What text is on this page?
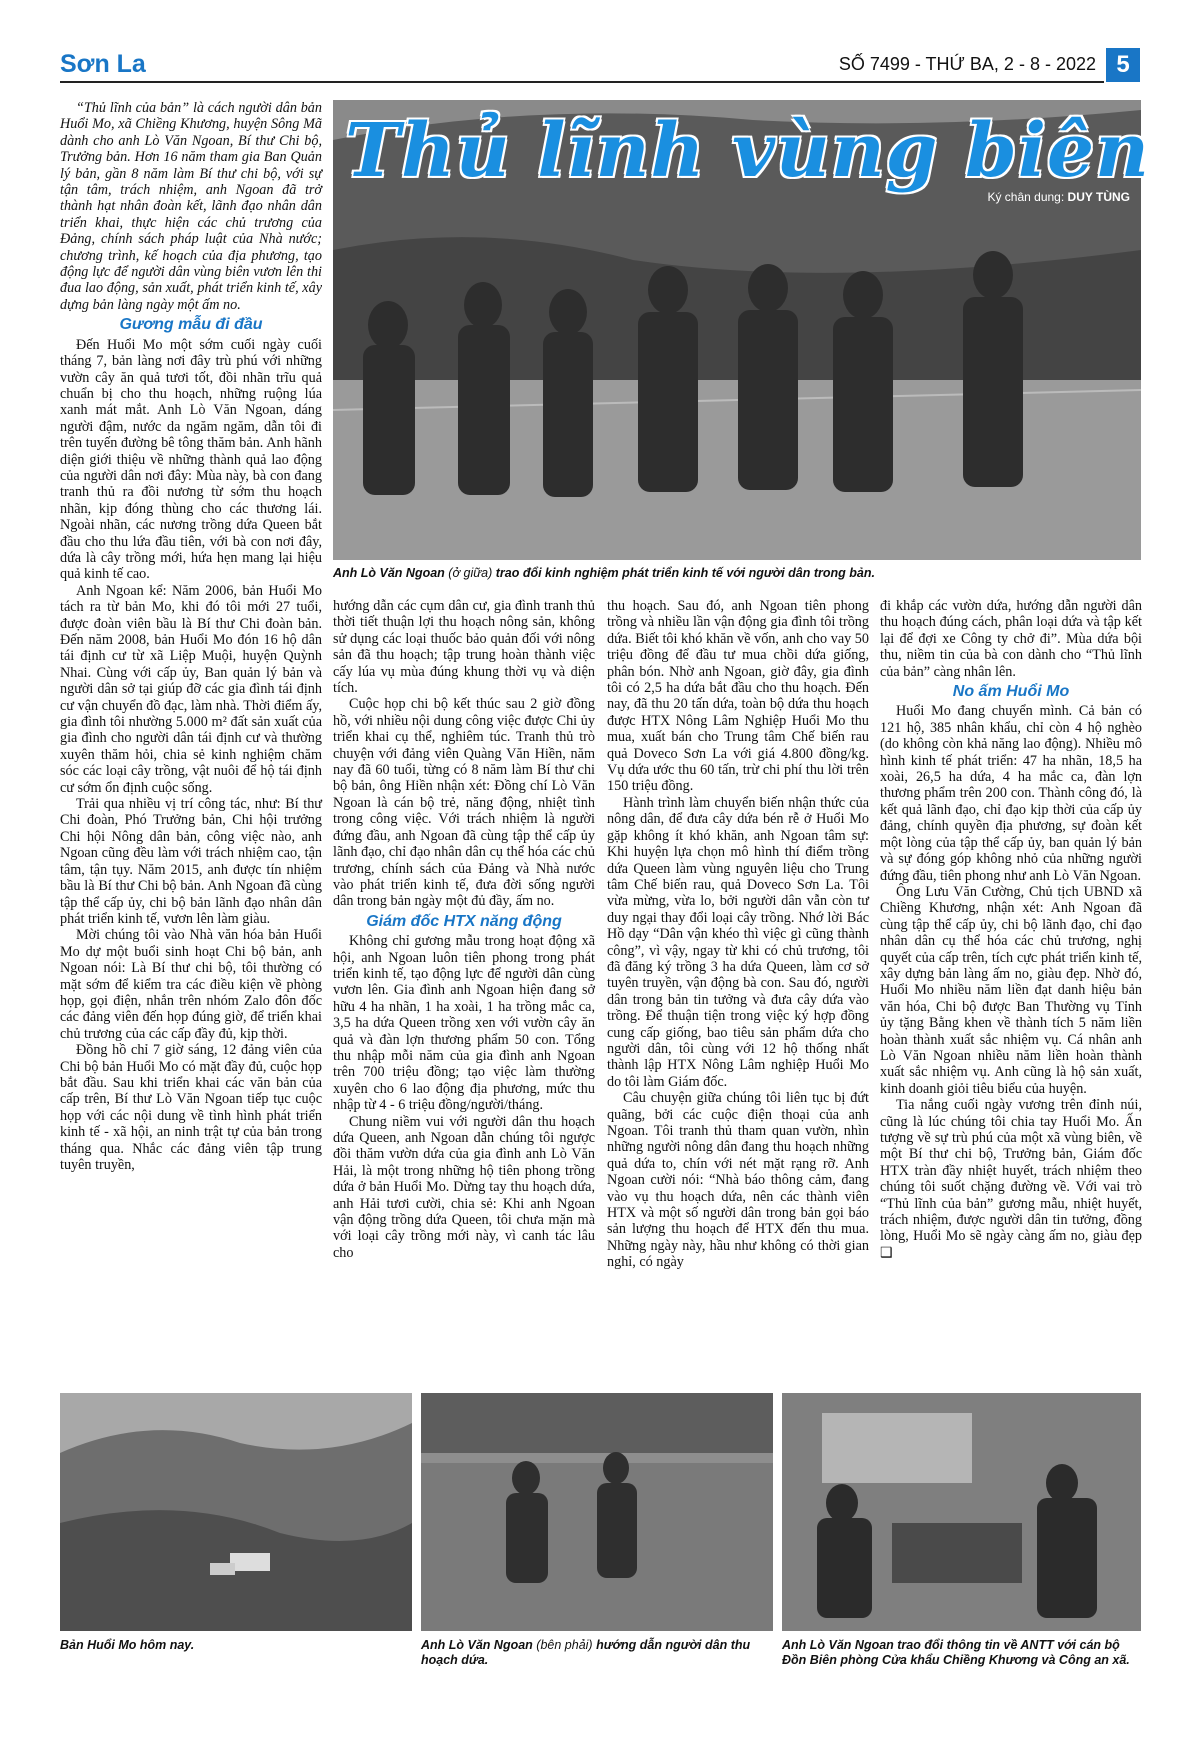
Sơn La	SỐ 7499 - THỨ BA, 2 - 8 - 2022 5

“Thủ lĩnh của bản” là cách người dân bản Huổi Mo, xã Chiềng Khương, huyện Sông Mã dành cho anh Lò Văn Ngoan, Bí thư Chi bộ, Trưởng bản. Hơn 16 năm tham gia Ban Quản lý bản, gần 8 năm làm Bí thư chi bộ, với sự tận tâm, trách nhiệm, anh Ngoan đã trở thành hạt nhân đoàn kết, lãnh đạo nhân dân triển khai, thực hiện các chủ trương của Đảng, chính sách pháp luật của Nhà nước; chương trình, kế hoạch của địa phương, tạo động lực để người dân vùng biên vươn lên thi đua lao động, sản xuất, phát triển kinh tế, xây dựng bản làng ngày một ấm no.

Gương mẫu đi đầu

Đến Huổi Mo một sớm cuối ngày cuối tháng 7, bản làng nơi đây trù phú với những vườn cây ăn quả tươi tốt, đồi nhãn trĩu quả chuẩn bị cho thu hoạch, những ruộng lúa xanh mát mắt. Anh Lò Văn Ngoan, dáng người đậm, nước da ngăm ngăm, dẫn tôi đi trên tuyến đường bê tông thăm bản. Anh hãnh diện giới thiệu về những thành quả lao động của người dân nơi đây: Mùa này, bà con đang tranh thủ ra đồi nương từ sớm thu hoạch nhãn, kịp đóng thùng cho các thương lái. Ngoài nhãn, các nương trồng dứa Queen bắt đầu cho thu lứa đầu tiên, với bà con nơi đây, dứa là cây trồng mới, hứa hẹn mang lại hiệu quả kinh tế cao.

Anh Ngoan kể: Năm 2006, bản Huổi Mo tách ra từ bản Mo, khi đó tôi mới 27 tuổi, được đoàn viên bầu là Bí thư Chi đoàn bản. Đến năm 2008, bản Huổi Mo đón 16 hộ dân tái định cư từ xã Liệp Muội, huyện Quỳnh Nhai. Cùng với cấp ủy, Ban quản lý bản và người dân sở tại giúp đỡ các gia đình tái định cư vận chuyển đồ đạc, làm nhà. Thời điểm ấy, gia đình tôi nhường 5.000 m² đất sản xuất của gia đình cho người dân tái định cư và thường xuyên thăm hỏi, chia sẻ kinh nghiệm chăm sóc các loại cây trồng, vật nuôi để hộ tái định cư sớm ổn định cuộc sống.

Trải qua nhiều vị trí công tác, như: Bí thư Chi đoàn, Phó Trưởng bản, Chi hội trưởng Chi hội Nông dân bản, công việc nào, anh Ngoan cũng đều làm với trách nhiệm cao, tận tâm, tận tụy. Năm 2015, anh được tín nhiệm bầu là Bí thư Chi bộ bản. Anh Ngoan đã cùng tập thể cấp ủy, chi bộ bản lãnh đạo nhân dân phát triển kinh tế, vươn lên làm giàu.

Mời chúng tôi vào Nhà văn hóa bản Huổi Mo dự một buổi sinh hoạt Chi bộ bản, anh Ngoan nói: Là Bí thư chi bộ, tôi thường có mặt sớm để kiểm tra các điều kiện về phòng họp, gọi điện, nhắn trên nhóm Zalo đôn đốc các đảng viên đến họp đúng giờ, để triển khai chủ trương của các cấp đầy đủ, kịp thời.

Đồng hồ chỉ 7 giờ sáng, 12 đảng viên của Chi bộ bản Huổi Mo có mặt đầy đủ, cuộc họp bắt đầu. Sau khi triển khai các văn bản của cấp trên, Bí thư Lò Văn Ngoan tiếp tục cuộc họp với các nội dung về tình hình phát triển kinh tế - xã hội, an ninh trật tự của bản trong tháng qua. Nhắc các đảng viên tập trung tuyên truyền,

Thủ lĩnh vùng biên
Ký chân dung: DUY TÙNG
Anh Lò Văn Ngoan (ở giữa) trao đổi kinh nghiệm phát triển kinh tế với người dân trong bản.

hướng dẫn các cụm dân cư, gia đình tranh thủ thời tiết thuận lợi thu hoạch nông sản, không sử dụng các loại thuốc bảo quản đối với nông sản đã thu hoạch; tập trung hoàn thành việc cấy lúa vụ mùa đúng khung thời vụ và diện tích.

Cuộc họp chi bộ kết thúc sau 2 giờ đồng hồ, với nhiều nội dung công việc được Chi ủy triển khai cụ thể, nghiêm túc. Tranh thủ trò chuyện với đảng viên Quàng Văn Hiền, năm nay đã 60 tuổi, từng có 8 năm làm Bí thư chi bộ bản, ông Hiền nhận xét: Đồng chí Lò Văn Ngoan là cán bộ trẻ, năng động, nhiệt tình trong công việc. Với trách nhiệm là người đứng đầu, anh Ngoan đã cùng tập thể cấp ủy lãnh đạo, chỉ đạo nhân dân cụ thể hóa các chủ trương, chính sách của Đảng và Nhà nước vào phát triển kinh tế, đưa đời sống người dân trong bản ngày một đủ đầy, ấm no.

Giám đốc HTX năng động

Không chỉ gương mẫu trong hoạt động xã hội, anh Ngoan luôn tiên phong trong phát triển kinh tế, tạo động lực để người dân cùng vươn lên. Gia đình anh Ngoan hiện đang sở hữu 4 ha nhãn, 1 ha xoài, 1 ha trồng mắc ca, 3,5 ha dứa Queen trồng xen với vườn cây ăn quả và đàn lợn thương phẩm 50 con. Tổng thu nhập mỗi năm của gia đình anh Ngoan trên 700 triệu đồng; tạo việc làm thường xuyên cho 6 lao động địa phương, mức thu nhập từ 4 - 6 triệu đồng/người/tháng.

Chung niềm vui với người dân thu hoạch dứa Queen, anh Ngoan dẫn chúng tôi ngược đồi thăm vườn dứa của gia đình anh Lò Văn Hải, là một trong những hộ tiên phong trồng dứa ở bản Huổi Mo. Dừng tay thu hoạch dứa, anh Hải tươi cười, chia sẻ: Khi anh Ngoan vận động trồng dứa Queen, tôi chưa mặn mà với loại cây trồng mới này, vì canh tác lâu cho

thu hoạch. Sau đó, anh Ngoan tiên phong trồng và nhiều lần vận động gia đình tôi trồng dứa. Biết tôi khó khăn về vốn, anh cho vay 50 triệu đồng để đầu tư mua chồi dứa giống, phân bón. Nhờ anh Ngoan, giờ đây, gia đình tôi có 2,5 ha dứa bắt đầu cho thu hoạch. Đến nay, đã thu 20 tấn dứa, toàn bộ dứa thu hoạch được HTX Nông Lâm Nghiệp Huổi Mo thu mua, xuất bán cho Trung tâm Chế biến rau quả Doveco Sơn La với giá 4.800 đồng/kg. Vụ dứa ước thu 60 tấn, trừ chi phí thu lời trên 150 triệu đồng.

Hành trình làm chuyển biến nhận thức của nông dân, để đưa cây dứa bén rễ ở Huổi Mo gặp không ít khó khăn, anh Ngoan tâm sự: Khi huyện lựa chọn mô hình thí điểm trồng dứa Queen làm vùng nguyên liệu cho Trung tâm Chế biến rau, quả Doveco Sơn La. Tôi vừa mừng, vừa lo, bởi người dân vẫn còn tư duy ngại thay đổi loại cây trồng. Nhớ lời Bác Hồ dạy “Dân vận khéo thì việc gì cũng thành công”, vì vậy, ngay từ khi có chủ trương, tôi đã đăng ký trồng 3 ha dứa Queen, làm cơ sở tuyên truyền, vận động bà con. Sau đó, người dân trong bản tin tưởng và đưa cây dứa vào trồng. Để thuận tiện trong việc ký hợp đồng cung cấp giống, bao tiêu sản phẩm dứa cho người dân, tôi cùng với 12 hộ thống nhất thành lập HTX Nông Lâm nghiệp Huổi Mo do tôi làm Giám đốc.

Câu chuyện giữa chúng tôi liên tục bị đứt quãng, bởi các cuộc điện thoại của anh Ngoan. Tôi tranh thủ tham quan vườn, nhìn những người nông dân đang thu hoạch những quả dứa to, chín với nét mặt rạng rỡ. Anh Ngoan cười nói: “Nhà báo thông cảm, đang vào vụ thu hoạch dứa, nên các thành viên HTX và một số người dân trong bản gọi báo sản lượng thu hoạch để HTX đến thu mua. Những ngày này, hầu như không có thời gian nghỉ, có ngày

đi khắp các vườn dứa, hướng dẫn người dân thu hoạch đúng cách, phân loại dứa và tập kết lại để đợi xe Công ty chở đi”. Mùa dứa bội thu, niềm tin của bà con dành cho “Thủ lĩnh của bản” càng nhân lên.

No ấm Huổi Mo

Huổi Mo đang chuyển mình. Cả bản có 121 hộ, 385 nhân khẩu, chỉ còn 4 hộ nghèo (do không còn khả năng lao động). Nhiều mô hình kinh tế phát triển: 47 ha nhãn, 18,5 ha xoài, 26,5 ha dứa, 4 ha mắc ca, đàn lợn thương phẩm trên 200 con. Thành công đó, là kết quả lãnh đạo, chỉ đạo kịp thời của cấp ủy đảng, chính quyền địa phương, sự đoàn kết một lòng của tập thể cấp ủy, ban quản lý bản và sự đóng góp không nhỏ của những người đứng đầu, tiên phong như anh Lò Văn Ngoan.

Ông Lưu Văn Cường, Chủ tịch UBND xã Chiềng Khương, nhận xét: Anh Ngoan đã cùng tập thể cấp ủy, chi bộ lãnh đạo, chỉ đạo nhân dân cụ thể hóa các chủ trương, nghị quyết của cấp trên, tích cực phát triển kinh tế, xây dựng bản làng ấm no, giàu đẹp. Nhờ đó, Huổi Mo nhiều năm liền đạt danh hiệu bản văn hóa, Chi bộ được Ban Thường vụ Tỉnh ủy tặng Bằng khen về thành tích 5 năm liền hoàn thành xuất sắc nhiệm vụ. Cá nhân anh Lò Văn Ngoan nhiều năm liền hoàn thành xuất sắc nhiệm vụ. Anh cũng là hộ sản xuất, kinh doanh giỏi tiêu biểu của huyện.

Tia nắng cuối ngày vương trên đỉnh núi, cũng là lúc chúng tôi chia tay Huổi Mo. Ấn tượng về sự trù phú của một xã vùng biên, về một Bí thư chi bộ, Trưởng bản, Giám đốc HTX tràn đầy nhiệt huyết, trách nhiệm theo chúng tôi suốt chặng đường về. Với vai trò “Thủ lĩnh của bản” gương mẫu, nhiệt huyết, trách nhiệm, được người dân tin tưởng, đồng lòng, Huổi Mo sẽ ngày càng ấm no, giàu đẹp ❑

Bản Huổi Mo hôm nay.	Anh Lò Văn Ngoan (bên phải) hướng dẫn người dân thu hoạch dứa.
Anh Lò Văn Ngoan trao đổi thông tin về ANTT với cán bộ Đồn Biên phòng Cửa khẩu Chiềng Khương và Công an xã.
